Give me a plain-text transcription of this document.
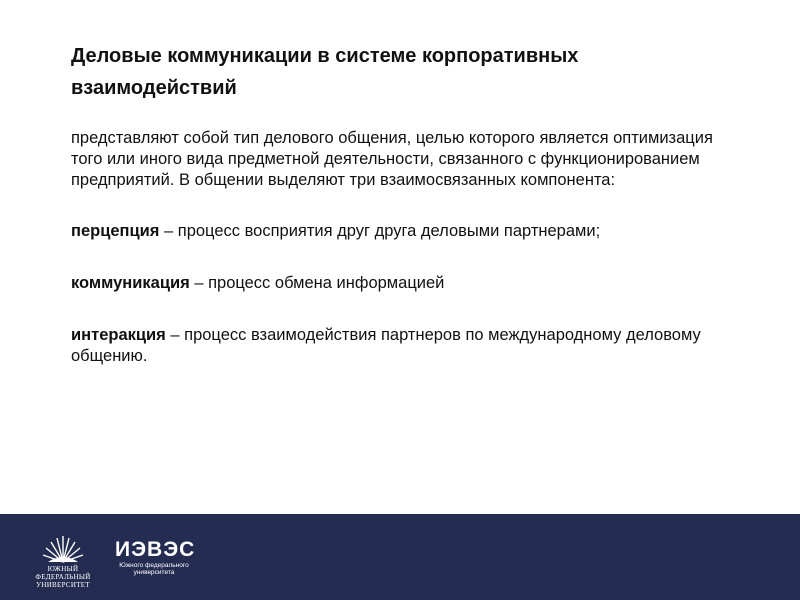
Деловые коммуникации в системе корпоративных взаимодействий

представляют собой тип делового общения, целью которого является оптимизация того или иного вида предметной деятельности, связанного с функционированием предприятий. В общении выделяют три взаимосвязанных компонента:

перцепция – процесс восприятия друг друга деловыми партнерами;

коммуникация – процесс обмена информацией

интеракция – процесс взаимодействия партнеров по международному деловому общению.

ЮЖНЫЙ
ФЕДЕРАЛЬНЫЙ
УНИВЕРСИТЕТ
ИЭВЭС
Южного федерального
университета
